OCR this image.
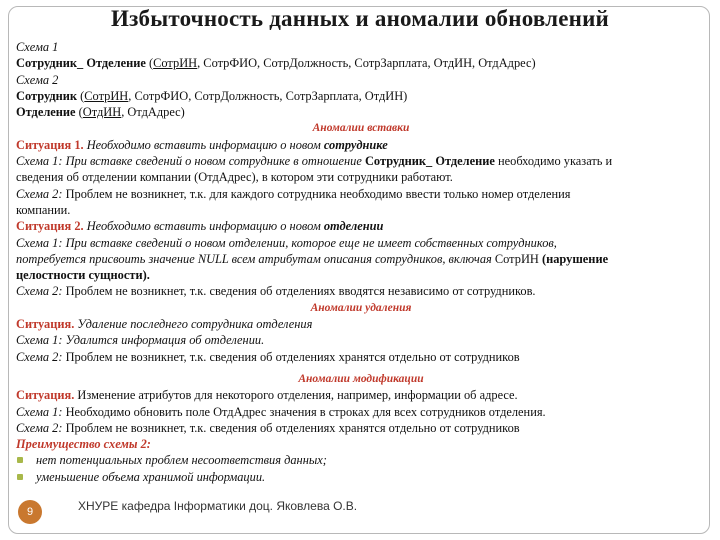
Избыточность данных и аномалии обновлений
Схема 1
Сотрудник_ Отделение (СотрИН, СотрФИО, СотрДолжность, СотрЗарплата, ОтдИН, ОтдАдрес)
Схема 2
Сотрудник (СотрИН, СотрФИО, СотрДолжность, СотрЗарплата, ОтдИН)
Отделение (ОтдИН, ОтдАдрес)
Аномалии вставки
Ситуация 1. Необходимо вставить информацию о новом сотруднике
Схема 1: При вставке сведений о новом сотруднике в отношение Сотрудник_ Отделение необходимо указать и
сведения об отделении компании (ОтдАдрес), в котором эти сотрудники работают.
Схема 2: Проблем не возникнет, т.к. для каждого сотрудника необходимо ввести только номер отделения
компании.
Ситуация 2. Необходимо вставить информацию о новом отделении
Схема 1: При вставке сведений о новом отделении, которое еще не имеет собственных сотрудников,
потребуется присвоить значение NULL всем атрибутам описания сотрудников, включая СотрИН (нарушение
целостности сущности).
Схема 2: Проблем не возникнет, т.к. сведения об отделениях вводятся независимо от сотрудников.
Аномалии удаления
Ситуация. Удаление последнего сотрудника отделения
Схема 1: Удалится информация об отделении.
Схема 2: Проблем не возникнет, т.к. сведения об отделениях хранятся отдельно от сотрудников
Аномалии модификации
Ситуация. Изменение атрибутов для некоторого отделения, например, информации об адресе.
Схема 1: Необходимо обновить поле ОтдАдрес значения в строках для всех сотрудников отделения.
Схема 2: Проблем не возникнет, т.к. сведения об отделениях хранятся отдельно от сотрудников
Преимущество схемы 2:
нет потенциальных проблем несоответствия данных;
уменьшение объема хранимой информации.
9	ХНУРЕ кафедра Інформатики доц. Яковлева О.В.
